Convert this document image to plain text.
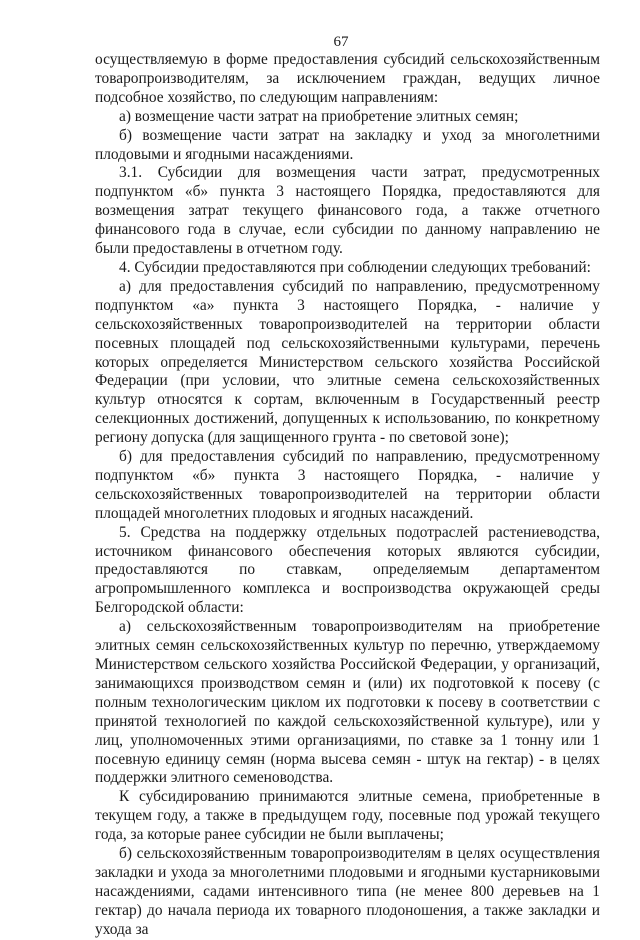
67

осуществляемую в форме предоставления субсидий сельскохозяйственным товаропроизводителям, за исключением граждан, ведущих личное подсобное хозяйство, по следующим направлениям:

а) возмещение части затрат на приобретение элитных семян;

б) возмещение части затрат на закладку и уход за многолетними плодовыми и ягодными насаждениями.

3.1. Субсидии для возмещения части затрат, предусмотренных подпунктом «б» пункта 3 настоящего Порядка, предоставляются для возмещения затрат текущего финансового года, а также отчетного финансового года в случае, если субсидии по данному направлению не были предоставлены в отчетном году.

4. Субсидии предоставляются при соблюдении следующих требований:

а) для предоставления субсидий по направлению, предусмотренному подпунктом «а» пункта 3 настоящего Порядка, - наличие у сельскохозяйственных товаропроизводителей на территории области посевных площадей под сельскохозяйственными культурами, перечень которых определяется Министерством сельского хозяйства Российской Федерации (при условии, что элитные семена сельскохозяйственных культур относятся к сортам, включенным в Государственный реестр селекционных достижений, допущенных к использованию, по конкретному региону допуска (для защищенного грунта - по световой зоне);

б) для предоставления субсидий по направлению, предусмотренному подпунктом «б» пункта 3 настоящего Порядка, - наличие у сельскохозяйственных товаропроизводителей на территории области площадей многолетних плодовых и ягодных насаждений.

5. Средства на поддержку отдельных подотраслей растениеводства, источником финансового обеспечения которых являются субсидии, предоставляются по ставкам, определяемым департаментом агропромышленного комплекса и воспроизводства окружающей среды Белгородской области:

а) сельскохозяйственным товаропроизводителям на приобретение элитных семян сельскохозяйственных культур по перечню, утверждаемому Министерством сельского хозяйства Российской Федерации, у организаций, занимающихся производством семян и (или) их подготовкой к посеву (с полным технологическим циклом их подготовки к посеву в соответствии с принятой технологией по каждой сельскохозяйственной культуре), или у лиц, уполномоченных этими организациями, по ставке за 1 тонну или 1 посевную единицу семян (норма высева семян - штук на гектар) - в целях поддержки элитного семеноводства.

К субсидированию принимаются элитные семена, приобретенные в текущем году, а также в предыдущем году, посевные под урожай текущего года, за которые ранее субсидии не были выплачены;

б) сельскохозяйственным товаропроизводителям в целях осуществления закладки и ухода за многолетними плодовыми и ягодными кустарниковыми насаждениями, садами интенсивного типа (не менее 800 деревьев на 1 гектар) до начала периода их товарного плодоношения, а также закладки и ухода за
